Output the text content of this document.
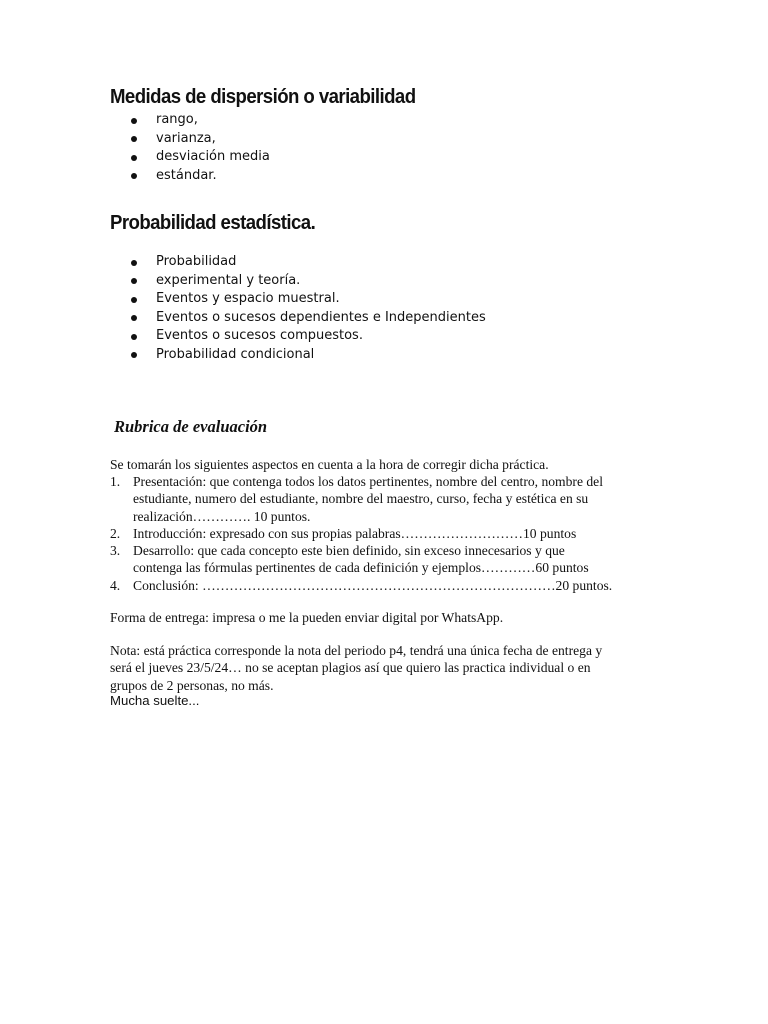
Medidas de dispersión o variabilidad
rango,
varianza,
desviación media
estándar.
Probabilidad estadística.
Probabilidad
experimental y teoría.
Eventos y espacio muestral.
Eventos o sucesos dependientes e Independientes
Eventos o sucesos compuestos.
Probabilidad condicional
Rubrica de evaluación
Se tomarán los siguientes aspectos en cuenta a la hora de corregir dicha práctica.
1. Presentación: que contenga todos los datos pertinentes, nombre del centro, nombre del
estudiante, numero del estudiante, nombre del maestro, curso, fecha y estética en su
realización…………. 10 puntos.
2. Introducción: expresado con sus propias palabras………………………10 puntos
3. Desarrollo: que cada concepto este bien definido, sin exceso innecesarios y que
contenga las fórmulas pertinentes de cada definición y ejemplos…………60 puntos
4. Conclusión: ……………………………………………………………………20 puntos.
Forma de entrega: impresa o me la pueden enviar digital por WhatsApp.
Nota: está práctica corresponde la nota del periodo p4, tendrá una única fecha de entrega y
será el jueves 23/5/24… no se aceptan plagios así que quiero las practica individual o en
grupos de 2 personas, no más.
Mucha suelte...
